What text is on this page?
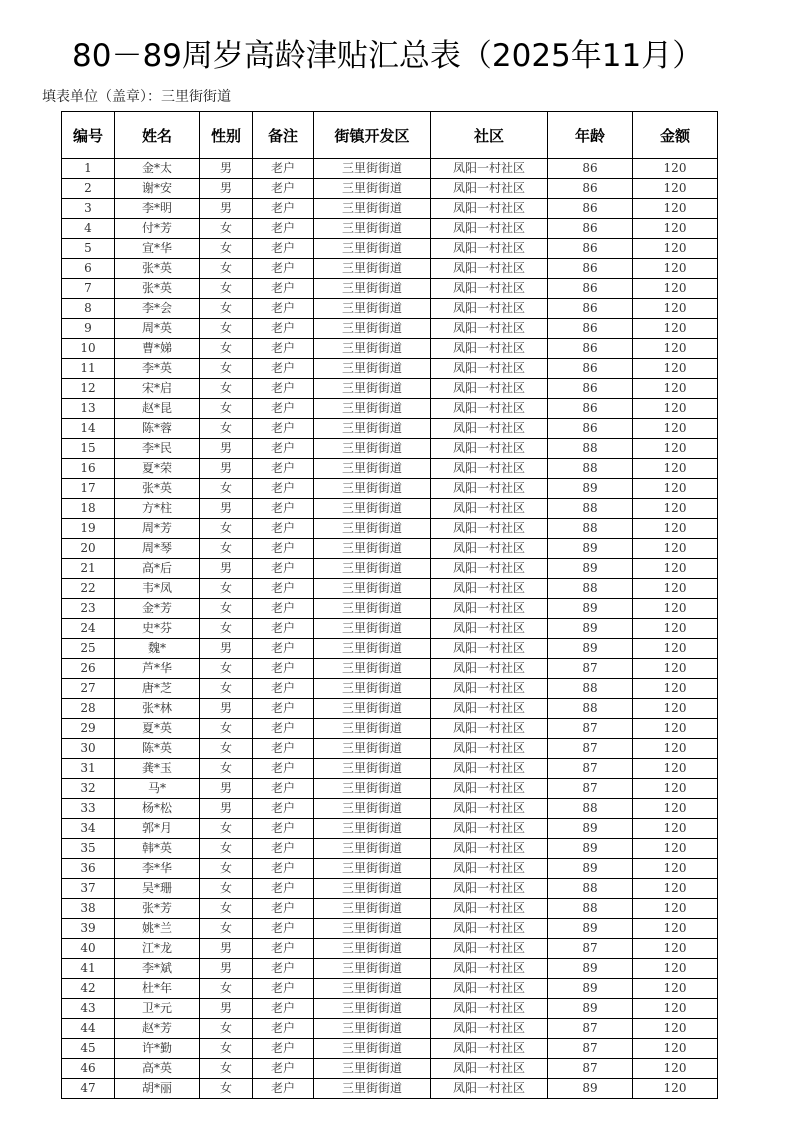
80－89周岁高龄津贴汇总表（2025年11月）
填表单位（盖章）：三里街街道
编号	姓名	性别	备注	街镇开发区	社区	年龄	金额
1	金*太	男	老户	三里街街道	凤阳一村社区	86	120
2	谢*安	男	老户	三里街街道	凤阳一村社区	86	120
3	李*明	男	老户	三里街街道	凤阳一村社区	86	120
4	付*芳	女	老户	三里街街道	凤阳一村社区	86	120
5	宣*华	女	老户	三里街街道	凤阳一村社区	86	120
6	张*英	女	老户	三里街街道	凤阳一村社区	86	120
7	张*英	女	老户	三里街街道	凤阳一村社区	86	120
8	李*会	女	老户	三里街街道	凤阳一村社区	86	120
9	周*英	女	老户	三里街街道	凤阳一村社区	86	120
10	曹*娣	女	老户	三里街街道	凤阳一村社区	86	120
11	李*英	女	老户	三里街街道	凤阳一村社区	86	120
12	宋*启	女	老户	三里街街道	凤阳一村社区	86	120
13	赵*昆	女	老户	三里街街道	凤阳一村社区	86	120
14	陈*蓉	女	老户	三里街街道	凤阳一村社区	86	120
15	李*民	男	老户	三里街街道	凤阳一村社区	88	120
16	夏*荣	男	老户	三里街街道	凤阳一村社区	88	120
17	张*英	女	老户	三里街街道	凤阳一村社区	89	120
18	方*柱	男	老户	三里街街道	凤阳一村社区	88	120
19	周*芳	女	老户	三里街街道	凤阳一村社区	88	120
20	周*琴	女	老户	三里街街道	凤阳一村社区	89	120
21	高*后	男	老户	三里街街道	凤阳一村社区	89	120
22	韦*凤	女	老户	三里街街道	凤阳一村社区	88	120
23	金*芳	女	老户	三里街街道	凤阳一村社区	89	120
24	史*芬	女	老户	三里街街道	凤阳一村社区	89	120
25	魏*	男	老户	三里街街道	凤阳一村社区	89	120
26	芦*华	女	老户	三里街街道	凤阳一村社区	87	120
27	唐*芝	女	老户	三里街街道	凤阳一村社区	88	120
28	张*林	男	老户	三里街街道	凤阳一村社区	88	120
29	夏*英	女	老户	三里街街道	凤阳一村社区	87	120
30	陈*英	女	老户	三里街街道	凤阳一村社区	87	120
31	龚*玉	女	老户	三里街街道	凤阳一村社区	87	120
32	马*	男	老户	三里街街道	凤阳一村社区	87	120
33	杨*松	男	老户	三里街街道	凤阳一村社区	88	120
34	郭*月	女	老户	三里街街道	凤阳一村社区	89	120
35	韩*英	女	老户	三里街街道	凤阳一村社区	89	120
36	李*华	女	老户	三里街街道	凤阳一村社区	89	120
37	吴*珊	女	老户	三里街街道	凤阳一村社区	88	120
38	张*芳	女	老户	三里街街道	凤阳一村社区	88	120
39	姚*兰	女	老户	三里街街道	凤阳一村社区	89	120
40	江*龙	男	老户	三里街街道	凤阳一村社区	87	120
41	李*斌	男	老户	三里街街道	凤阳一村社区	89	120
42	杜*年	女	老户	三里街街道	凤阳一村社区	89	120
43	卫*元	男	老户	三里街街道	凤阳一村社区	89	120
44	赵*芳	女	老户	三里街街道	凤阳一村社区	87	120
45	许*勤	女	老户	三里街街道	凤阳一村社区	87	120
46	高*英	女	老户	三里街街道	凤阳一村社区	87	120
47	胡*丽	女	老户	三里街街道	凤阳一村社区	89	120
